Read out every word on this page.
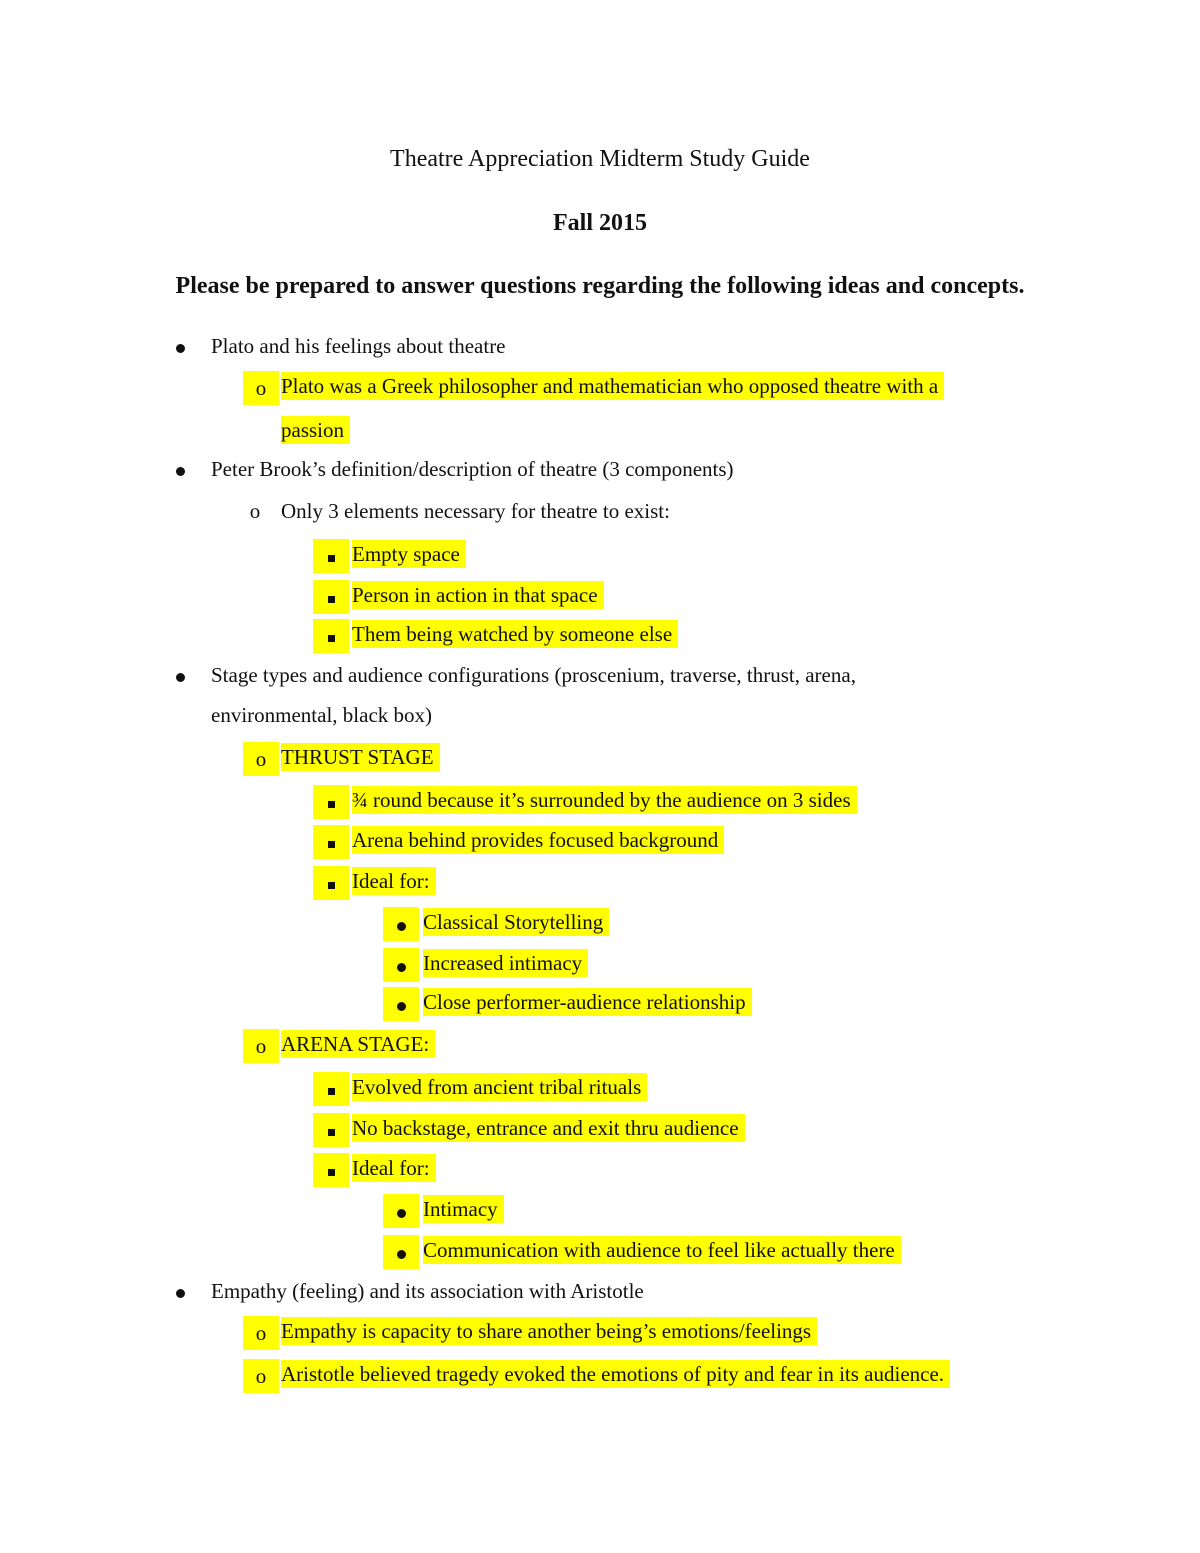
Theatre Appreciation Midterm Study Guide
Fall 2015
Please be prepared to answer questions regarding the following ideas and concepts.
Plato and his feelings about theatre
o Plato was a Greek philosopher and mathematician who opposed theatre with a
passion
Peter Brook’s definition/description of theatre (3 components)
o Only 3 elements necessary for theatre to exist:
Empty space
Person in action in that space
Them being watched by someone else
Stage types and audience configurations (proscenium, traverse, thrust, arena,
environmental, black box)
o THRUST STAGE
¾ round because it’s surrounded by the audience on 3 sides
Arena behind provides focused background
Ideal for:
Classical Storytelling
Increased intimacy
Close performer-audience relationship
o ARENA STAGE:
Evolved from ancient tribal rituals
No backstage, entrance and exit thru audience
Ideal for:
Intimacy
Communication with audience to feel like actually there
Empathy (feeling) and its association with Aristotle
o Empathy is capacity to share another being’s emotions/feelings
o Aristotle believed tragedy evoked the emotions of pity and fear in its audience.
